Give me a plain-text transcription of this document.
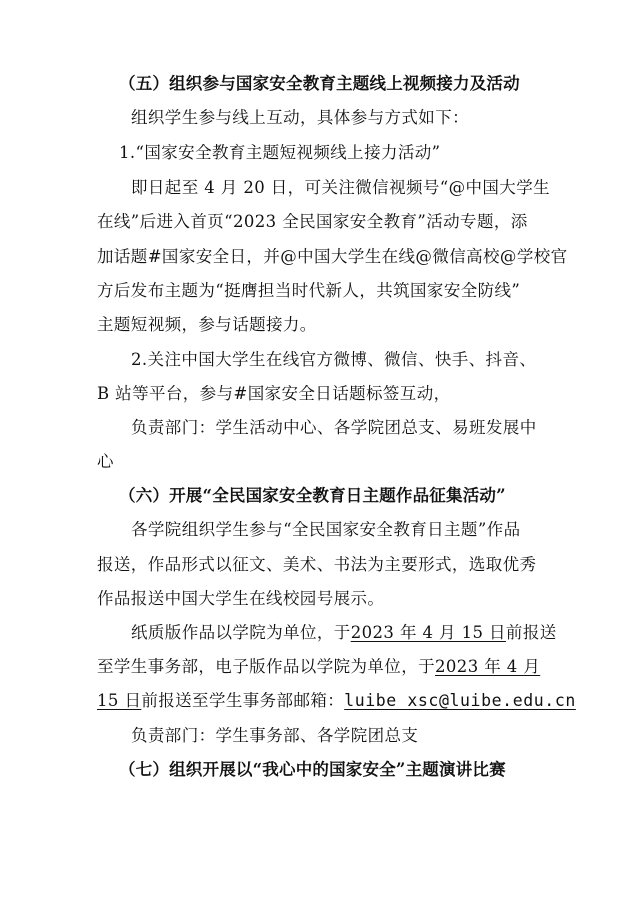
（五）组织参与国家安全教育主题线上视频接力及活动
组织学生参与线上互动，具体参与方式如下：
1.“国家安全教育主题短视频线上接力活动”
即日起至 4 月 20 日，可关注微信视频号“@中国大学生
在线”后进入首页“2023 全民国家安全教育”活动专题，添
加话题#国家安全日，并@中国大学生在线@微信高校@学校官
方后发布主题为“挺膺担当时代新人，共筑国家安全防线”
主题短视频，参与话题接力。
2.关注中国大学生在线官方微博、微信、快手、抖音、
B 站等平台，参与#国家安全日话题标签互动，
负责部门：学生活动中心、各学院团总支、易班发展中
心
（六）开展“全民国家安全教育日主题作品征集活动”
各学院组织学生参与“全民国家安全教育日主题”作品
报送，作品形式以征文、美术、书法为主要形式，选取优秀
作品报送中国大学生在线校园号展示。
纸质版作品以学院为单位，于2023 年 4 月 15 日前报送
至学生事务部，电子版作品以学院为单位，于2023 年 4 月
15 日前报送至学生事务部邮箱：luibe xsc@luibe.edu.cn
负责部门：学生事务部、各学院团总支
（七）组织开展以“我心中的国家安全”主题演讲比赛
